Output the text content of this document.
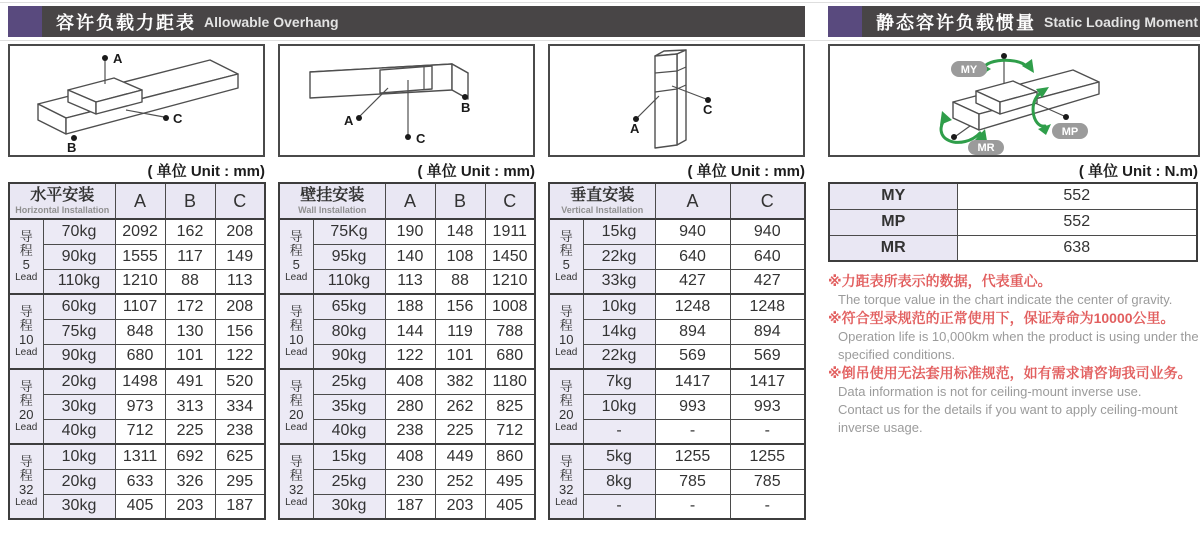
容许负载力距表 Allowable Overhang	静态容许负载惯量 Static Loading Moment
A
B
C	A
B
C
A
C
MY
MP
MR
( 单位 Unit : mm)	( 单位 Unit : mm)	( 单位 Unit : mm)	( 单位 Unit : N.m)
水平安装
Horizontal Installation		A	B	C

导
程
5
Lead	70kg	2092	162	208
	90kg	1555	117	149
	110kg	1210	88	113

导
程
10
Lead	60kg	1107	172	208
	75kg	848	130	156
	90kg	680	101	122

导
程
20
Lead	20kg	1498	491	520
	30kg	973	313	334
	40kg	712	225	238

导
程
32
Lead	10kg	1311	692	625
	20kg	633	326	295
	30kg	405	203	187
壁挂安装
Wall Installation		A	B	C

导
程
5
Lead	75Kg	190	148	1911
	95kg	140	108	1450
	110kg	113	88	1210

导
程
10
Lead	65kg	188	156	1008
	80kg	144	119	788
	90kg	122	101	680

导
程
20
Lead	25kg	408	382	1180
	35kg	280	262	825
	40kg	238	225	712

导
程
32
Lead	15kg	408	449	860
	25kg	230	252	495
	30kg	187	203	405
垂直安装
Vertical Installation		A	C

导
程
5
Lead	15kg	940	940
	22kg	640	640
	33kg	427	427

导
程
10
Lead	10kg	1248	1248
	14kg	894	894
	22kg	569	569

导
程
20
Lead	7kg	1417	1417
	10kg	993	993
	-	-	-

导
程
32
Lead	5kg	1255	1255
	8kg	785	785
	-	-	-
MY	552
MP	552
MR	638
※力距表所表示的数据，代表重心。
The torque value in the chart indicate the center of gravity.
※符合型录规范的正常使用下，保证寿命为10000公里。
Operation life is 10,000km when the product is using under the specified conditions.
※倒吊使用无法套用标准规范，如有需求请咨询我司业务。
Data information is not for ceiling-mount inverse use.
Contact us for the details if you want to apply ceiling-mount inverse usage.
